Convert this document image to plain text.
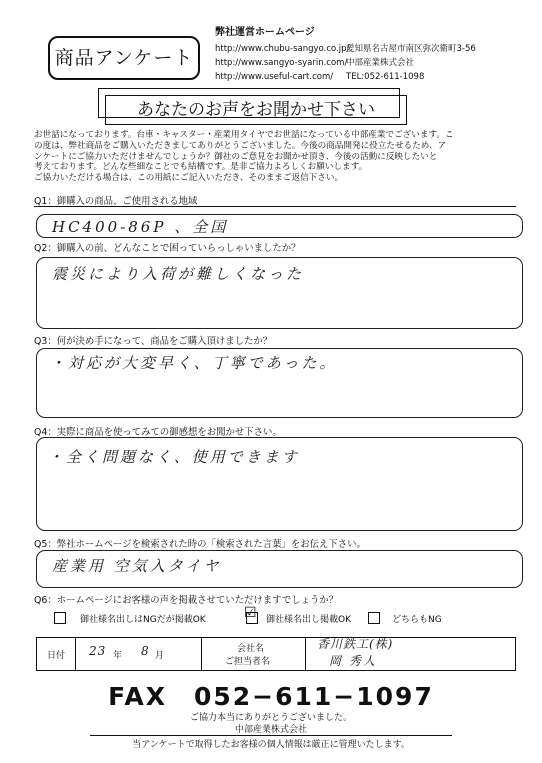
商品アンケート
弊社運営ホームページ
http://www.chubu-sangyo.co.jp/
http://www.sangyo-syarin.com/
http://www.useful-cart.com/
愛知県名古屋市南区弥次衛町3-56
中部産業株式会社
TEL:052-611-1098
あなたのお声をお聞かせ下さい
お世話になっております。台車・キャスター・産業用タイヤでお世話になっている中部産業でございます。こ
の度は、弊社商品をご購入いただきましてありがとうございました。今後の商品開発に役立たせるため、ア
ンケートにご協力いただけませんでしょうか？御社のご意見をお聞かせ頂き、今後の活動に反映したいと
考えております。どんな些細なことでも結構です。是非ご協力よろしくお願いします。
ご協力いただける場合は、この用紙にご記入いただき、そのままご返信下さい。
Q1：御購入の商品、ご使用される地域
HC400-86P 、全国
Q2：御購入の前、どんなことで困っていらっしゃいましたか？
震災により入荷が難しくなった
Q3：何が決め手になって、商品をご購入頂けましたか？
・対応が大変早く、丁寧であった。
Q4：実際に商品を使ってみての御感想をお聞かせ下さい。
・全く問題なく、使用できます
Q5：弊社ホームページを検索された時の「検索された言葉」をお伝え下さい。
産業用 空気入タイヤ
Q6：ホームページにお客様の声を掲載させていただけますでしょうか？
御社様名出しはNGだが掲載OK	☑ 御社様名出し掲載OK	どちらもNG
日付 23 年 8 月
会社名
ご担当者名
香川鉄工(株)
岡 秀人
FAX　052−611−1097
ご協力本当にありがとうございました。
中部産業株式会社
当アンケートで取得したお客様の個人情報は厳正に管理いたします。
